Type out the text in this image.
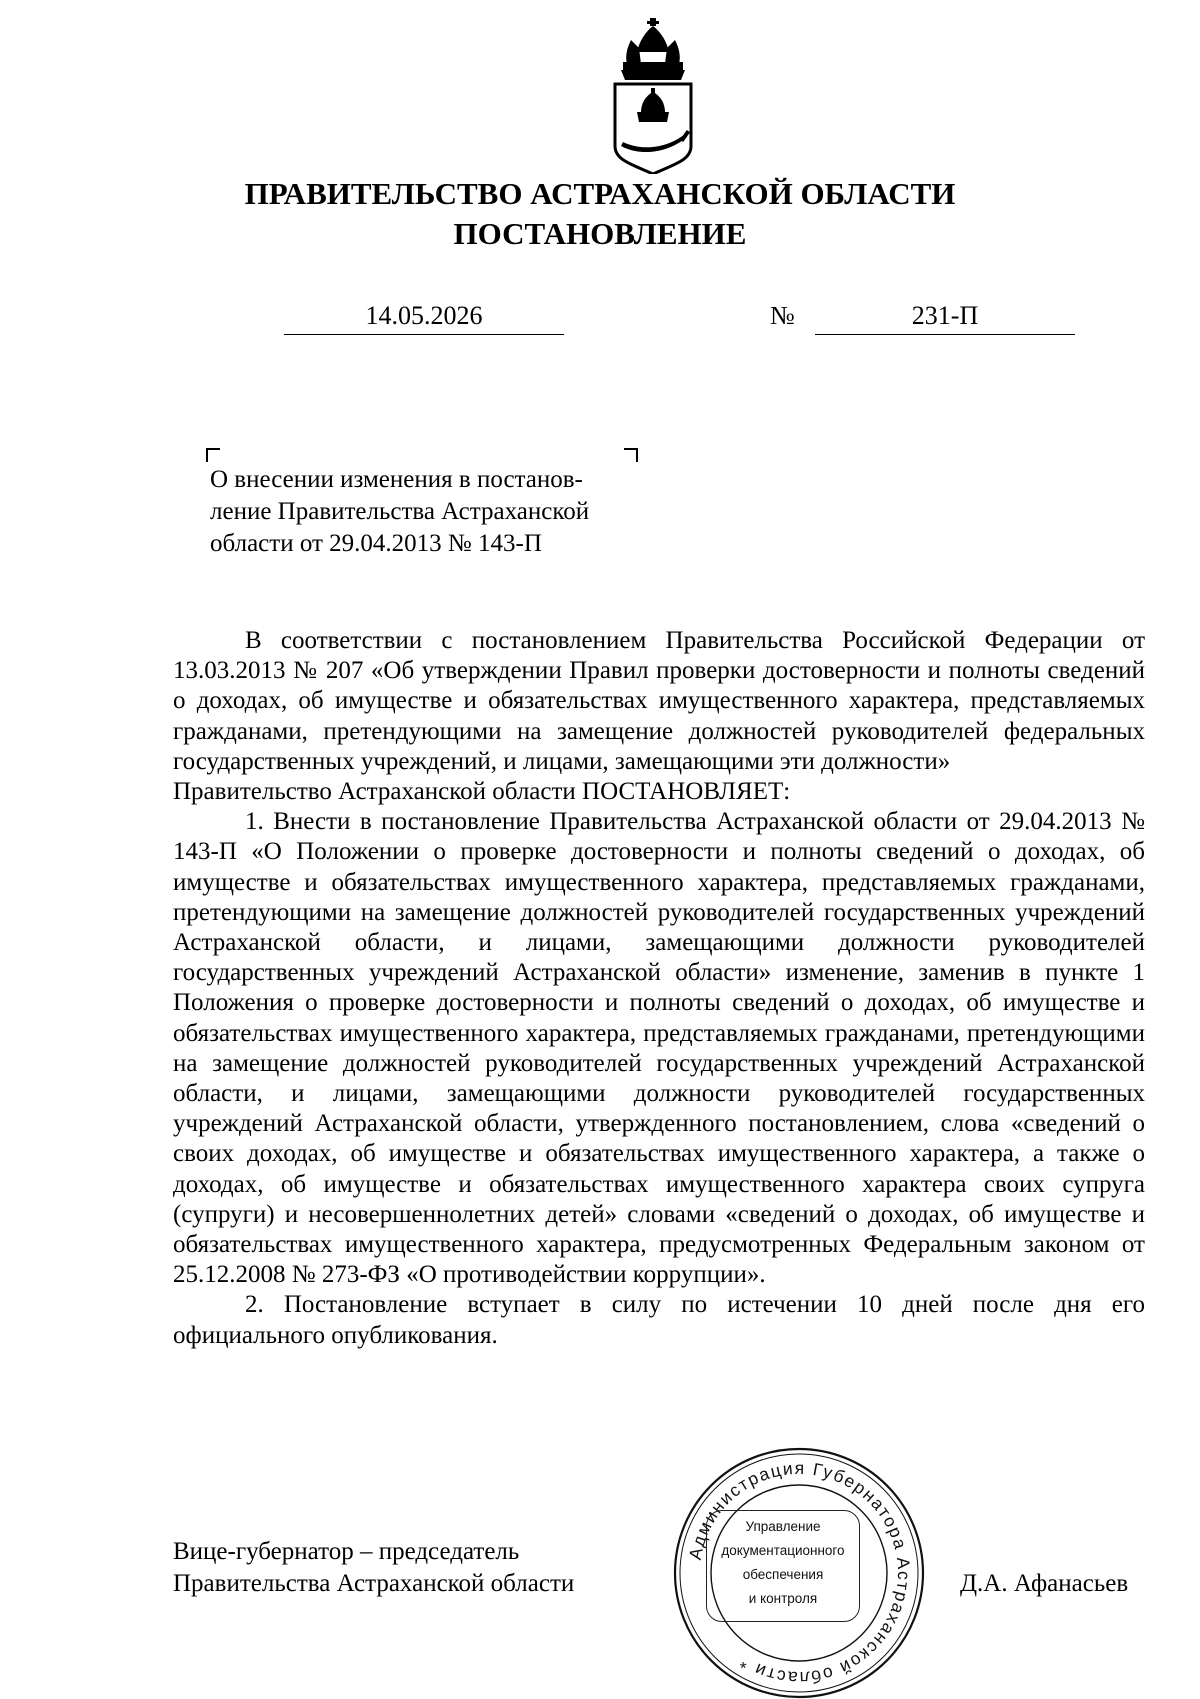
ПРАВИТЕЛЬСТВО АСТРАХАНСКОЙ ОБЛАСТИ
ПОСТАНОВЛЕНИЕ
14.05.2026	№	231-П
О внесении изменения в постанов-
ление Правительства Астраханской
области от 29.04.2013 № 143-П

В соответствии с постановлением Правительства Российской Федерации от 13.03.2013 № 207 «Об утверждении Правил проверки достоверности и полноты сведений о доходах, об имуществе и обязательствах имущественного характера, представляемых гражданами, претендующими на замещение должностей руководителей федеральных государственных учреждений, и лицами, замещающими эти должности»

Правительство Астраханской области ПОСТАНОВЛЯЕТ:

1. Внести в постановление Правительства Астраханской области от 29.04.2013 № 143-П «О Положении о проверке достоверности и полноты сведений о доходах, об имуществе и обязательствах имущественного характера, представляемых гражданами, претендующими на замещение должностей руководителей государственных учреждений Астраханской области, и лицами, замещающими должности руководителей государственных учреждений Астраханской области» изменение, заменив в пункте 1 Положения о проверке достоверности и полноты сведений о доходах, об имуществе и обязательствах имущественного характера, представляемых гражданами, претендующими на замещение должностей руководителей государственных учреждений Астраханской области, и лицами, замещающими должности руководителей государственных учреждений Астраханской области, утвержденного постановлением, слова «сведений о своих доходах, об имуществе и обязательствах имущественного характера, а также о доходах, об имуществе и обязательствах имущественного характера своих супруга (супруги) и несовершеннолетних детей» словами «сведений о доходах, об имуществе и обязательствах имущественного характера, предусмотренных Федеральным законом от 25.12.2008 № 273-ФЗ «О противодействии коррупции».

2. Постановление вступает в силу по истечении 10 дней после дня его официального опубликования.

Вице-губернатор – председатель
Правительства Астраханской области	Д.А. Афанасьев
Администрация Губернатора Астраханской области *
Управление
документационного
обеспечения
и контроля
